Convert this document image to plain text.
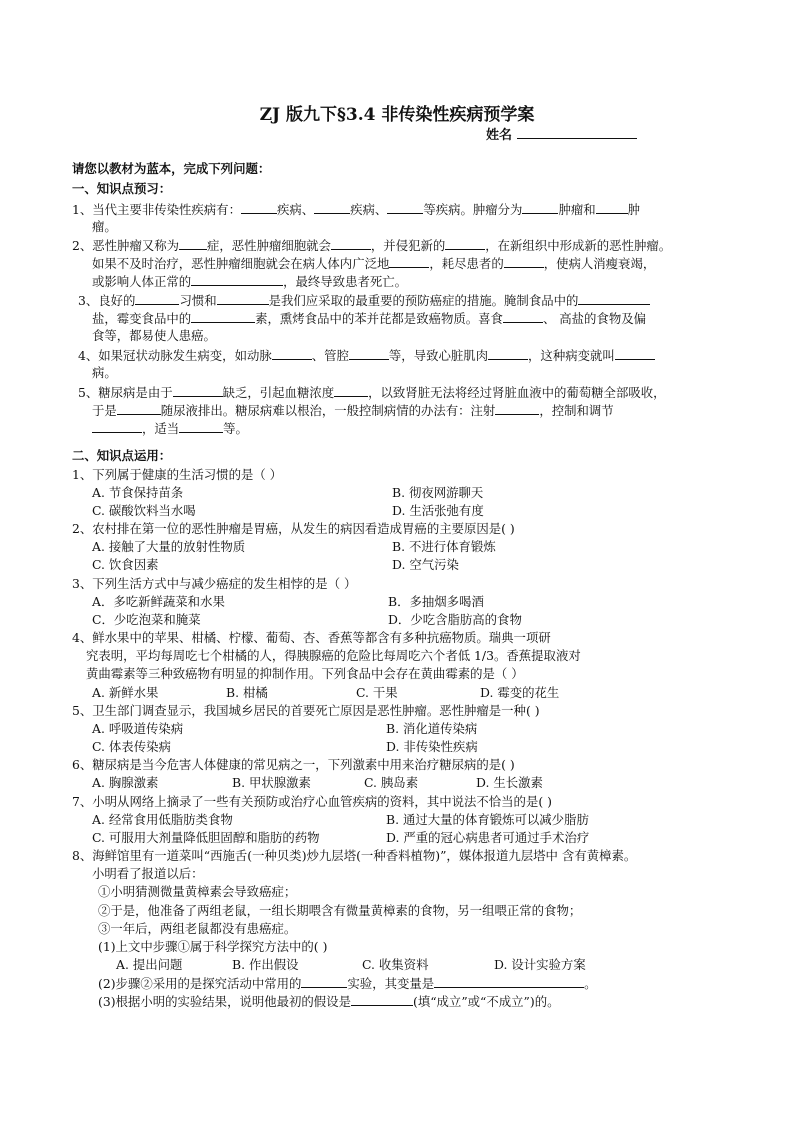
ZJ 版九下§3.4 非传染性疾病预学案
姓名
请您以教材为蓝本，完成下列问题：
一、知识点预习：
1、当代主要非传染性疾病有：	疾病、	疾病、	等疾病。肿瘤分为	肿瘤和	肿
瘤。
2、恶性肿瘤又称为 症，恶性肿瘤细胞就会	，并侵犯新的	，在新组织中形成新的恶性肿瘤。
如果不及时治疗，恶性肿瘤细胞就会在病人体内广泛地	，耗尽患者的	，使病人消瘦衰竭，
或影响人体正常的	，最终导致患者死亡。
3、良好的	习惯和	是我们应采取的最重要的预防癌症的措施。腌制食品中的
盐，霉变食品中的	素，熏烤食品中的苯并芘都是致癌物质。喜食	、 高盐的食物及偏
食等，都易使人患癌。
4、如果冠状动脉发生病变，如动脉	、管腔	等，导致心脏肌肉	，这种病变就叫
病。
5、糖尿病是由于	缺乏，引起血糖浓度	，以致肾脏无法将经过肾脏血液中的葡萄糖全部吸收，
于是	随尿液排出。糖尿病难以根治，一般控制病情的办法有：注射	，控制和调节
，适当	等。
二、知识点运用：
1、下列属于健康的生活习惯的是（ ）
A. 节食保持苗条	B. 彻夜网游聊天
C. 碳酸饮料当水喝	D. 生活张弛有度
2、农村排在第一位的恶性肿瘤是胃癌，从发生的病因看造成胃癌的主要原因是( )
A. 接触了大量的放射性物质	B. 不进行体育锻炼
C. 饮食因素	D. 空气污染
3、下列生活方式中与减少癌症的发生相悖的是（ ）
A．多吃新鲜蔬菜和水果	B．多抽烟多喝酒
C．少吃泡菜和腌菜	D．少吃含脂肪高的食物
4、鲜水果中的苹果、柑橘、柠檬、葡萄、杏、香蕉等都含有多种抗癌物质。瑞典一项研
究表明，平均每周吃七个柑橘的人，得胰腺癌的危险比每周吃六个者低 1/3。香蕉提取液对
黄曲霉素等三种致癌物有明显的抑制作用。下列食品中会存在黄曲霉素的是（ ）
A. 新鲜水果	B. 柑橘	C. 干果	D. 霉变的花生
5、卫生部门调查显示，我国城乡居民的首要死亡原因是恶性肿瘤。恶性肿瘤是一种( )
A. 呼吸道传染病	B. 消化道传染病
C. 体表传染病	D. 非传染性疾病
6、糖尿病是当今危害人体健康的常见病之一，下列激素中用来治疗糖尿病的是( )
A. 胸腺激素	B. 甲状腺激素	C. 胰岛素	D. 生长激素
7、小明从网络上摘录了一些有关预防或治疗心血管疾病的资料，其中说法不恰当的是( )
A. 经常食用低脂肪类食物	B. 通过大量的体育锻炼可以减少脂肪
C. 可服用大剂量降低胆固醇和脂肪的药物	D. 严重的冠心病患者可通过手术治疗
8、海鲜馆里有一道菜叫“西施舌(一种贝类)炒九层塔(一种香料植物)”，媒体报道九层塔中 含有黄樟素。
小明看了报道以后：
①小明猜测微量黄樟素会导致癌症；
②于是，他准备了两组老鼠，一组长期喂含有微量黄樟素的食物，另一组喂正常的食物；
③一年后，两组老鼠都没有患癌症。
(1)上文中步骤①属于科学探究方法中的( )
A. 提出问题	B. 作出假设	C. 收集资料	D. 设计实验方案
(2)步骤②采用的是探究活动中常用的	实验，其变量是	。
(3)根据小明的实验结果，说明他最初的假设是	(填“成立”或“不成立”)的。
